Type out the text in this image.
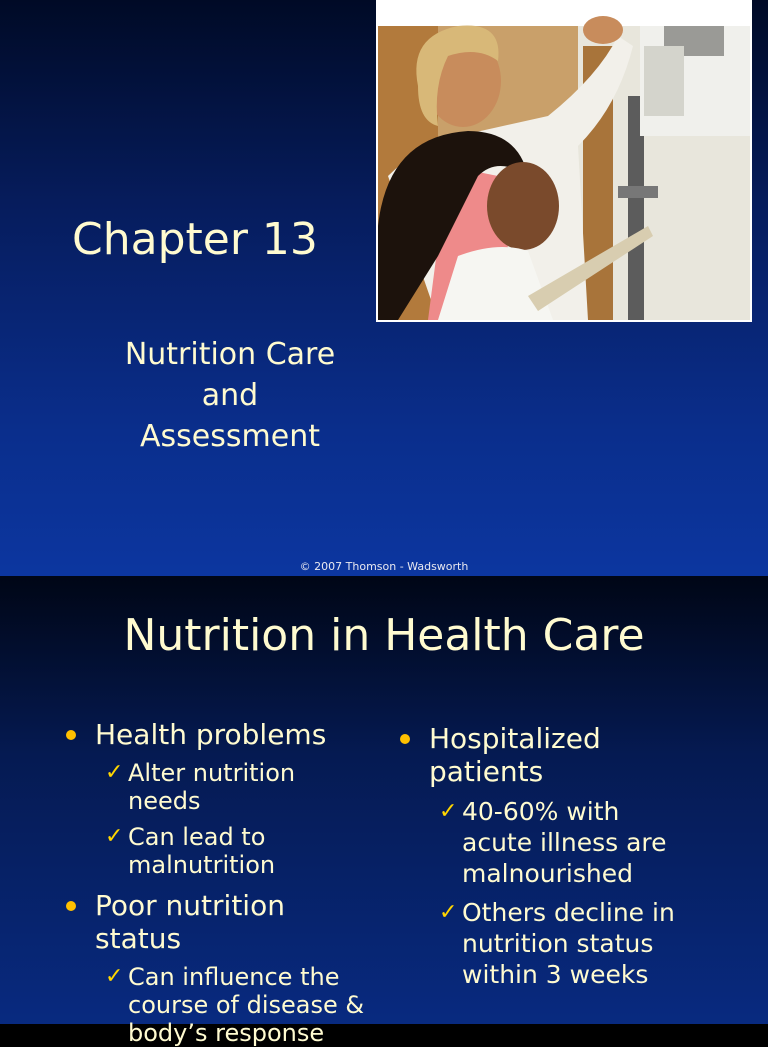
Chapter 13
Nutrition Care
and
Assessment
© 2007 Thomson - Wadsworth
Nutrition in Health Care
Health problems
✓ Alter nutrition needs
✓ Can lead to malnutrition
Poor nutrition status
✓ Can influence the course of disease & body’s response
Hospitalized patients
✓ 40-60% with acute illness are malnourished
✓ Others decline in nutrition status within 3 weeks
